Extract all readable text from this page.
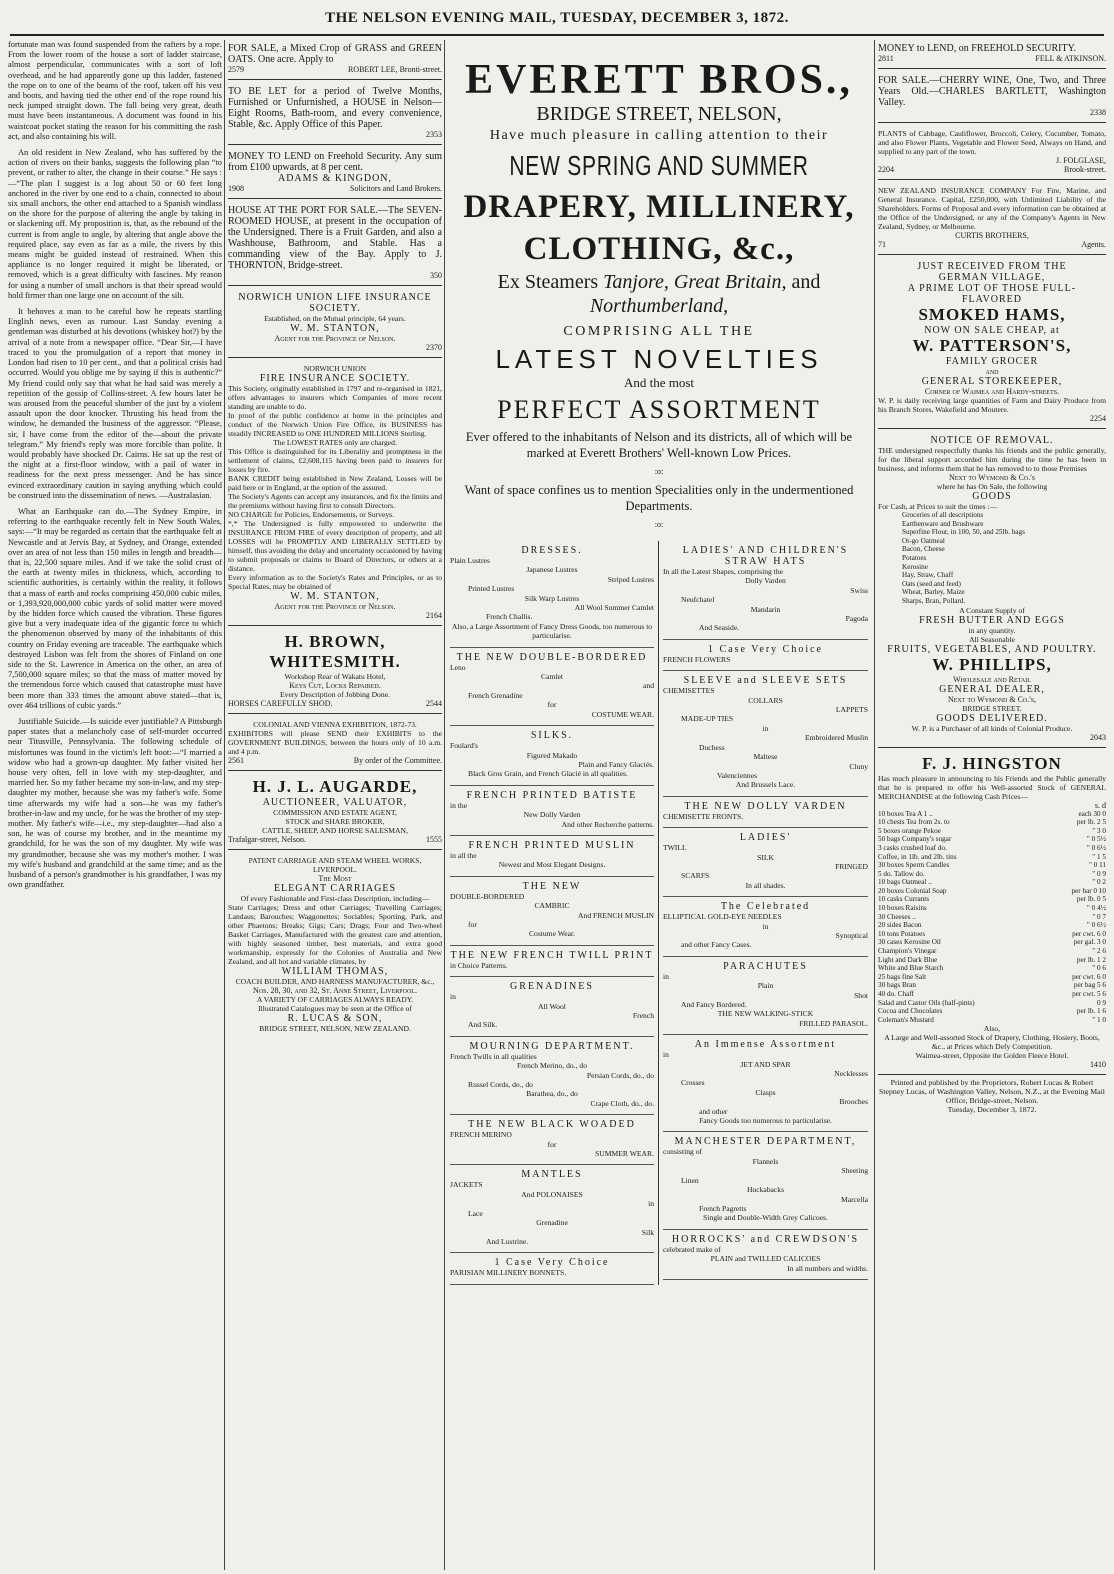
THE NELSON EVENING MAIL, TUESDAY, DECEMBER 3, 1872.

fortunate man was found suspended from the rafters by a rope. From the lower room of the house a sort of ladder staircase, almost perpendicular, communicates with a sort of loft overhead, and he had apparently gone up this ladder, fastened the rope on to one of the beams of the roof, taken off his vest and boots, and having tied the other end of the rope round his neck jumped straight down. The fall being very great, death must have been instantaneous. A document was found in his waistcoat pocket stating the reason for his committing the rash act, and also containing his will.

An old resident in New Zealand, who has suffered by the action of rivers on their banks, suggests the following plan “to prevent, or rather to alter, the change in their course.” He says :—“The plan I suggest is a log about 50 or 60 feet long anchored in the river by one end to a chain, connected to about six small anchors, the other end attached to a Spanish windlass on the shore for the purpose of altering the angle by taking in or slackening off. My proposition is, that, as the rebound of the current is from angle to angle, by altering that angle above the required place, say even as far as a mile, the rivers by this means might be guided instead of restrained. When this appliance is no longer required it might be liberated, or removed, which is a great difficulty with fascines. My reason for using a number of small anchors is that their spread would hold firmer than one large one on account of the silt.

It behoves a man to be careful how he repeats startling English news, even as rumour. Last Sunday evening a gentleman was disturbed at his devotions (whiskey hot?) by the arrival of a note from a newspaper office. “Dear Sir,—I have traced to you the promulgation of a report that money in London had risen to 10 per cent., and that a political crisis had occurred. Would you oblige me by saying if this is authentic?” My friend could only say that what he had said was merely a repetition of the gossip of Collins-street. A few hours later he was aroused from the peaceful slumber of the just by a violent assault upon the door knocker. Thrusting his head from the window, he demanded the business of the aggressor. “Please, sir, I have come from the editor of the—about the private telegram.” My friend's reply was more forcible than polite. It would probably have shocked Dr. Cairns. He sat up the rest of the night at a first-floor window, with a pail of water in readiness for the next press messenger. And he has since evinced extraordinary caution in saying anything which could be construed into the dissemination of news. —Australasian.

What an Earthquake can do.—The Sydney Empire, in referring to the earthquake recently felt in New South Wales, says:—“It may be regarded as certain that the earthquake felt at Newcastle and at Jervis Bay, at Sydney, and Orange, extended over an area of not less than 150 miles in length and breadth—that is, 22,500 square miles. And if we take the solid crust of the earth at twenty miles in thickness, which, according to scientific authorities, is certainly within the reality, it follows that a mass of earth and rocks comprising 450,000 cubic miles, or 1,393,920,000,000 cubic yards of solid matter were moved by the hidden force which caused the vibration. These figures give but a very inadequate idea of the gigantic force to which the phenomenon observed by many of the inhabitants of this country on Friday evening are traceable. The earthquake which destroyed Lisbon was felt from the shores of Finland on one side to the St. Lawrence in America on the other, an area of 7,500,000 square miles; so that the mass of matter moved by the tremendous force which caused that catastrophe must have been more than 333 times the amount above stated—that is, over 464 trillions of cubic yards.”

Justifiable Suicide.—Is suicide ever justifiable? A Pittsburgh paper states that a melancholy case of self-murder occurred near Titusville, Pennsylvania. The following schedule of misfortunes was found in the victim's left boot:—“I married a widow who had a grown-up daughter. My father visited her house very often, fell in love with my step-daughter, and married her. So my father became my son-in-law, and my step-daughter my mother, because she was my father's wife. Some time afterwards my wife had a son—he was my father's brother-in-law and my uncle, for he was the brother of my step-mother. My father's wife—i.e., my step-daughter—had also a son, he was of course my brother, and in the meantime my grandchild, for he was the son of my daughter. My wife was my grandmother, because she was my mother's mother. I was my wife's husband and grandchild at the same time; and as the husband of a person's grandmother is his grandfather, I was my own grandfather.

FOR SALE, a Mixed Crop of GRASS and GREEN OATS. One acre. Apply to
2579	ROBERT LEE, Bronti-street.
TO BE LET for a period of Twelve Months, Furnished or Unfurnished, a HOUSE in Nelson—Eight Rooms, Bath-room, and every convenience, Stable, &c. Apply Office of this Paper.
2353
MONEY TO LEND on Freehold Security. Any sum from £100 upwards, at 8 per cent.
ADAMS & KINGDON,
1908	Solicitors and Land Brokers.
HOUSE AT THE PORT FOR SALE.—The SEVEN-ROOMED HOUSE, at present in the occupation of the Undersigned. There is a Fruit Garden, and also a Washhouse, Bathroom, and Stable. Has a commanding view of the Bay. Apply to J. THORNTON, Bridge-street.
350
NORWICH UNION LIFE INSURANCE SOCIETY.
Established, on the Mutual principle, 64 years.
W. M. STANTON,
Agent for the Province of Nelson.
2370
NORWICH UNION
FIRE INSURANCE SOCIETY.
This Society, originally established in 1797 and re-organised in 1821, offers advantages to insurers which Companies of more recent standing are unable to do.
In proof of the public confidence at home in the principles and conduct of the Norwich Union Fire Office, its BUSINESS has steadily INCREASED to ONE HUNDRED MILLIONS Sterling.
The LOWEST RATES only are charged.
This Office is distinguished for its Liberality and promptness in the settlement of claims, £2,608,115 having been paid to insurers for losses by fire.
BANK CREDIT being established in New Zealand, Losses will be paid here or in England, at the option of the assured.
The Society's Agents can accept any insurances, and fix the limits and the premiums without having first to consult Directors.
NO CHARGE for Policies, Endorsements, or Surveys.
*,* The Undersigned is fully empowered to underwrite the INSURANCE FROM FIRE of every description of property, and all LOSSES will be PROMPTLY AND LIBERALLY SETTLED by himself, thus avoiding the delay and uncertainty occasioned by having to submit proposals or claims to Board of Directors, or others at a distance.
Every information as to the Society's Rates and Principles, or as to Special Rates, may be obtained of
W. M. STANTON,
Agent for the Province of Nelson.
2164
H. BROWN, WHITESMITH.
Workshop Rear of Wakatu Hotel,
Keys Cut, Locks Repaired.
Every Description of Jobbing Done.
HORSES CAREFULLY SHOD.	2544
COLONIAL AND VIENNA EXHIBITION, 1872-73.
EXHIBITORS will please SEND their EXHIBITS to the GOVERNMENT BUILDINGS, between the hours only of 10 a.m. and 4 p.m.
2561	By order of the Committee.
H. J. L. AUGARDE,
AUCTIONEER, VALUATOR,
COMMISSION AND ESTATE AGENT,
STOCK and SHARE BROKER,
CATTLE, SHEEP, AND HORSE SALESMAN,
Trafalgar-street, Nelson.	1555
PATENT CARRIAGE AND STEAM WHEEL WORKS, LIVERPOOL.
The Most
ELEGANT CARRIAGES
Of every Fashionable and First-class Description, including—
State Carriages; Dress and other Carriages; Travelling Carriages; Landaus; Barouches; Waggonettes; Sociables; Sporting, Park, and other Phaetons; Breaks; Gigs; Cars; Drags; Four and Two-wheel Basket Carriages, Manufactured with the greatest care and attention, with highly seasoned timber, best materials, and extra good workmanship, expressly for the Colonies of Australia and New Zealand, and all hot and variable climates, by
WILLIAM THOMAS,
COACH BUILDER, AND HARNESS MANUFACTURER, &c.,
Nos. 28, 30, and 32, St. Anne Street, Liverpool.
A VARIETY OF CARRIAGES ALWAYS READY.
Illustrated Catalogues may be seen at the Office of
R. LUCAS & SON,
BRIDGE STREET, NELSON, NEW ZEALAND.
EVERETT BROS.,
BRIDGE STREET, NELSON,
Have much pleasure in calling attention to their
NEW SPRING AND SUMMER
DRAPERY, MILLINERY,
CLOTHING, &c.,
Ex Steamers Tanjore, Great Britain, and
Northumberland,
COMPRISING ALL THE
LATEST NOVELTIES
And the most
PERFECT ASSORTMENT
Ever offered to the inhabitants of Nelson and its districts, all of which will be marked at Everett Brothers' Well-known Low Prices.
:o:
Want of space confines us to mention Specialities only in the undermentioned Departments.
:o:
DRESSES.
Plain Lustres
Japanese Lustres
Striped Lustres
Printed Lustres
Silk Warp Lustres
All Wool Summer Camlet
French Challis.
Also, a Large Assortment of Fancy Dress Goods, too numerous to particularise.
THE NEW DOUBLE-BORDERED
Leno
Camlet
and
French Grenadine
for
COSTUME WEAR.
SILKS.
Foulard's
Figured Makado
Plain and Fancy Glaciés.
Black Gros Grain, and French Glacié in all qualities.
FRENCH PRINTED BATISTE
in the
New Dolly Varden
And other Recherche patterns.
FRENCH PRINTED MUSLIN
in all the
Newest and Most Elegant Designs.
THE NEW
DOUBLE-BORDERED
CAMBRIC
And FRENCH MUSLIN
for
Costume Wear.
THE NEW FRENCH TWILL PRINT
in Choice Patterns.
GRENADINES
in
All Wool
French
And Silk.
MOURNING DEPARTMENT.
French Twills in all qualities
French Merino, do., do
Persian Cords, do., do
Russel Cords, do., do
Barathea, do., do
Crape Cloth, do., do.
THE NEW BLACK WOADED
FRENCH MERINO
for
SUMMER WEAR.
MANTLES
JACKETS
And POLONAISES
in
Lace
Grenadine
Silk
And Lustrine.
1 Case Very Choice
PARISIAN MILLINERY BONNETS.
LADIES' AND CHILDREN'S STRAW HATS
In all the Latest Shapes, comprising the
Dolly Varden
Swiss
Neufchatel
Mandarin
Pagoda
And Seaside.
1 Case Very Choice
FRENCH FLOWERS
SLEEVE and SLEEVE SETS
CHEMISETTES
COLLARS
LAPPETS
MADE-UP TIES
in
Embroidered Muslin
Duchess
Maltese
Cluny
Valenciennes
And Brussels Lace.
THE NEW DOLLY VARDEN
CHEMISETTE FRONTS.
LADIES'
TWILL
SILK
FRINGED
SCARFS
In all shades.
The Celebrated
ELLIPTICAL GOLD-EYE NEEDLES
in
Synoptical
and other Fancy Cases.
PARACHUTES
in
Plain
Shot
And Fancy Bordered.
THE NEW WALKING-STICK
FRILLED PARASOL.
An Immense Assortment
in
JET AND SPAR
Necklesses
Crosses
Clasps
Brooches
and other
Fancy Goods too numerous to particularise.
MANCHESTER DEPARTMENT,
consisting of
Flannels
Sheeting
Linen
Huckabacks
Marcella
French Pagretts
Single and Double-Width Grey Calicoes.
HORROCKS' and CREWDSON'S
celebrated make of
PLAIN and TWILLED CALICOES
In all numbers and widths.
MONEY to LEND, on FREEHOLD SECURITY.
2811	FELL & ATKINSON.
FOR SALE.—CHERRY WINE, One, Two, and Three Years Old.—CHARLES BARTLETT, Washington Valley.
2338
PLANTS of Cabbage, Cauliflower, Broccoli, Celery, Cucumber, Tomato, and also Flower Plants, Vegetable and Flower Seed, Always on Hand, and supplied to any part of the town.
J. FOLGLASE,
2204	Brook-street.
NEW ZEALAND INSURANCE COMPANY For Fire, Marine, and General Insurance. Capital, £250,000, with Unlimited Liability of the Shareholders. Forms of Proposal and every information can be obtained at the Office of the Undersigned, or any of the Company's Agents in New Zealand, Sydney, or Melbourne.
CURTIS BROTHERS,
71	Agents.
JUST RECEIVED FROM THE
GERMAN VILLAGE,
A PRIME LOT OF THOSE FULL-FLAVORED
SMOKED HAMS,
NOW ON SALE CHEAP, at
W. PATTERSON'S,
FAMILY GROCER
and
GENERAL STOREKEEPER,
Corner of Waimea and Hardy-streets.
W. P. is daily receiving large quantities of Farm and Dairy Produce from his Branch Stores, Wakefield and Moutere.
2254
NOTICE OF REMOVAL.
THE undersigned respectfully thanks his friends and the public generally, for the liberal support accorded him during the time he has been in business, and informs them that he has removed to to those Premises
Next to Wymond & Co.'s
where he has On Sale, the following
GOODS
For Cash, at Prices to suit the times :—
Groceries of all descriptions
Earthenware and Brushware
Superfine Flour, in 100, 50, and 25lb. bags
Ot-go Oatmeal
Bacon, Cheese
Potatoes
Kerosine
Hay, Straw, Chaff
Oats (seed and feed)
Wheat, Barley, Maize
Sharps, Bran, Pollard.
A Constant Supply of
FRESH BUTTER AND EGGS
in any quantity.
All Seasonable
FRUITS, VEGETABLES, AND POULTRY.
W. PHILLIPS,
Wholesale and Retail
GENERAL DEALER,
Next to Wymond & Co.'s,
BRIDGE STREET.
GOODS DELIVERED.
W. P. is a Purchaser of all kinds of Colonial Produce.
2043
F. J. HINGSTON
Has much pleasure in announcing to his Friends and the Public generally that he is prepared to offer his Well-assorted Stock of GENERAL MERCHANDISE at the following Cash Prices—
s. d
10 boxes Tea A 1 ..	each 30 0
10 chests Tea from 2s. to	per lb. 2 5
5 boxes orange Pekoe	" 3 0
50 bags Company's sugar	" 0 5½
3 casks crushed loaf do.	" 0 6½
Coffee, in 1lb. and 2lb. tins	" 1 5
30 boxes Sperm Candles	" 0 11
5 do. Tallow do.	" 0 9
10 bags Oatmeal ..	" 0 2
20 boxes Colonial Soap	per bar 0 10
10 casks Currants	per lb. 0 5
10 boxes Raisins	" 0 4½
30 Cheeses ..	" 0 7
20 sides Bacon	" 0 6½
10 tons Potatoes	per cwt. 6 0
30 cases Kerosine Oil	per gal. 3 0
Champion's Vinegar	" 2 6
Light and Dark Blue	per lb. 1 2
White and Blue Starch	" 0 6
25 bags fine Salt	per cwt. 6 0
30 bags Bran	per bag 5 6
40 do. Chaff	per cwt. 5 6
Salad and Castor Oils (half-pints)	0 9
Cocoa and Chocolates	per lb. 1 6
Coleman's Mustard	" 1 0
Also,
A Large and Well-assorted Stock of Drapery, Clothing, Hosiery, Boots, &c., at Prices which Defy Competition.
Waimea-street, Opposite the Golden Fleece Hotel.
1410
Printed and published by the Proprietors, Robert Lucas & Robert Stepney Lucas, of Washington Valley, Nelson, N.Z., at the Evening Mail Office, Bridge-street, Nelson.
Tuesday, December 3, 1872.
